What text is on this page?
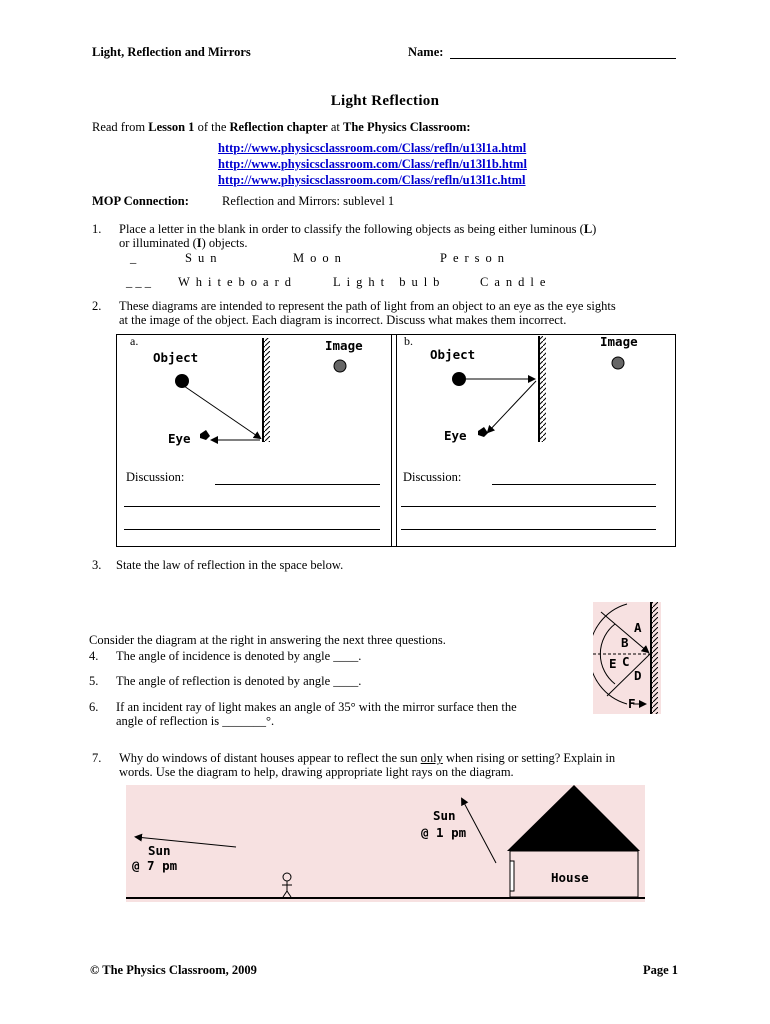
Light, Reflection and Mirrors	Name:
Light Reflection
Read from Lesson 1 of the Reflection chapter at The Physics Classroom:
http://www.physicsclassroom.com/Class/refln/u13l1a.html
http://www.physicsclassroom.com/Class/refln/u13l1b.html
http://www.physicsclassroom.com/Class/refln/u13l1c.html
MOP Connection:	Reflection and Mirrors: sublevel 1
1. Place a letter in the blank in order to classify the following objects as being either luminous (L)
or illuminated (I) objects.
_	Sun	Moon	Person
_ _ _ Whiteboard	Light bulb	Candle
2. These diagrams are intended to represent the path of light from an object to an eye as the eye sights
at the image of the object. Each diagram is incorrect. Discuss what makes them incorrect.
a.
Object
Image
Eye
Discussion:
b.
Object
Image
Eye
Discussion:
3. State the law of reflection in the space below.
Consider the diagram at the right in answering the next three questions.
4. The angle of incidence is denoted by angle ____.
5. The angle of reflection is denoted by angle ____.
6. If an incident ray of light makes an angle of 35° with the mirror surface then the
angle of reflection is _______°.
A
B
C
D
E
F
7. Why do windows of distant houses appear to reflect the sun only when rising or setting? Explain in
words. Use the diagram to help, drawing appropriate light rays on the diagram.
Sun
@ 7 pm
Sun
@ 1 pm
House
© The Physics Classroom, 2009	Page 1
